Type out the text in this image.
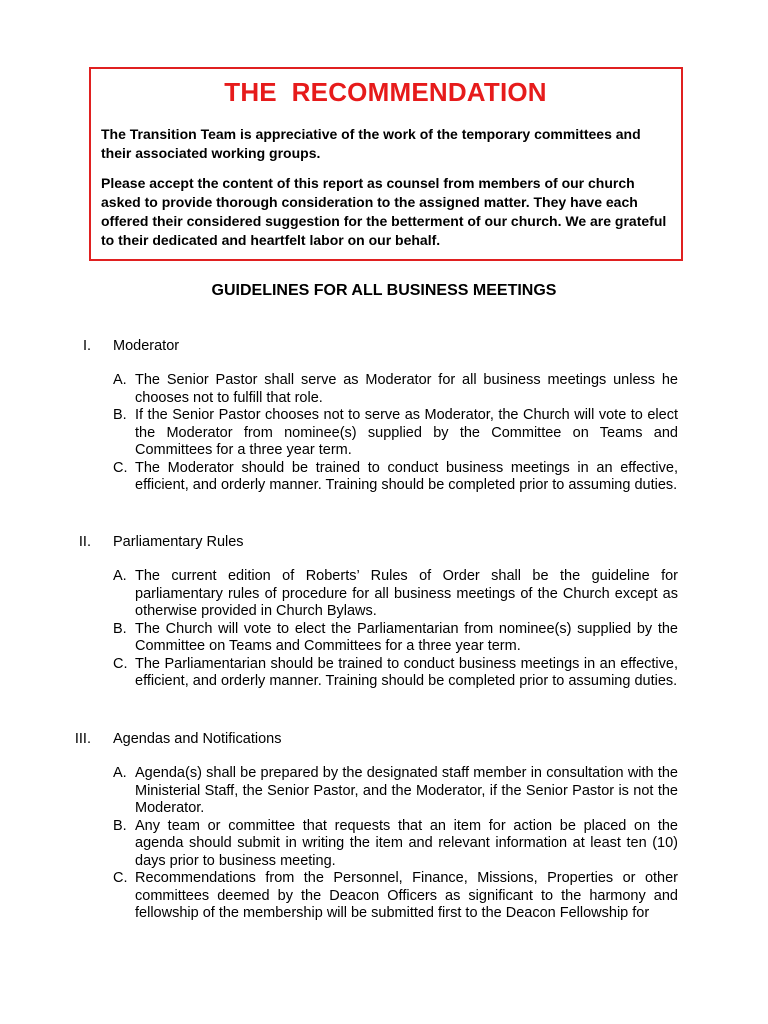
THE  RECOMMENDATION

The Transition Team is appreciative of the work of the temporary committees and their associated working groups.

Please accept the content of this report as counsel from members of our church asked to provide thorough consideration to the assigned matter. They have each offered their considered suggestion for the betterment of our church. We are grateful to their dedicated and heartfelt labor on our behalf.

GUIDELINES FOR ALL BUSINESS MEETINGS
I. Moderator
A. The Senior Pastor shall serve as Moderator for all business meetings unless he chooses not to fulfill that role.
B. If the Senior Pastor chooses not to serve as Moderator, the Church will vote to elect the Moderator from nominee(s) supplied by the Committee on Teams and Committees for a three year term.
C. The Moderator should be trained to conduct business meetings in an effective, efficient, and orderly manner. Training should be completed prior to assuming duties.
II. Parliamentary Rules
A. The current edition of Roberts’ Rules of Order shall be the guideline for parliamentary rules of procedure for all business meetings of the Church except as otherwise provided in Church Bylaws.
B. The Church will vote to elect the Parliamentarian from nominee(s) supplied by the Committee on Teams and Committees for a three year term.
C. The Parliamentarian should be trained to conduct business meetings in an effective, efficient, and orderly manner. Training should be completed prior to assuming duties.
III. Agendas and Notifications
A. Agenda(s) shall be prepared by the designated staff member in consultation with the Ministerial Staff, the Senior Pastor, and the Moderator, if the Senior Pastor is not the Moderator.
B. Any team or committee that requests that an item for action be placed on the agenda should submit in writing the item and relevant information at least ten (10) days prior to business meeting.
C. Recommendations from the Personnel, Finance, Missions, Properties or other committees deemed by the Deacon Officers as significant to the harmony and fellowship of the membership will be submitted first to the Deacon Fellowship for
